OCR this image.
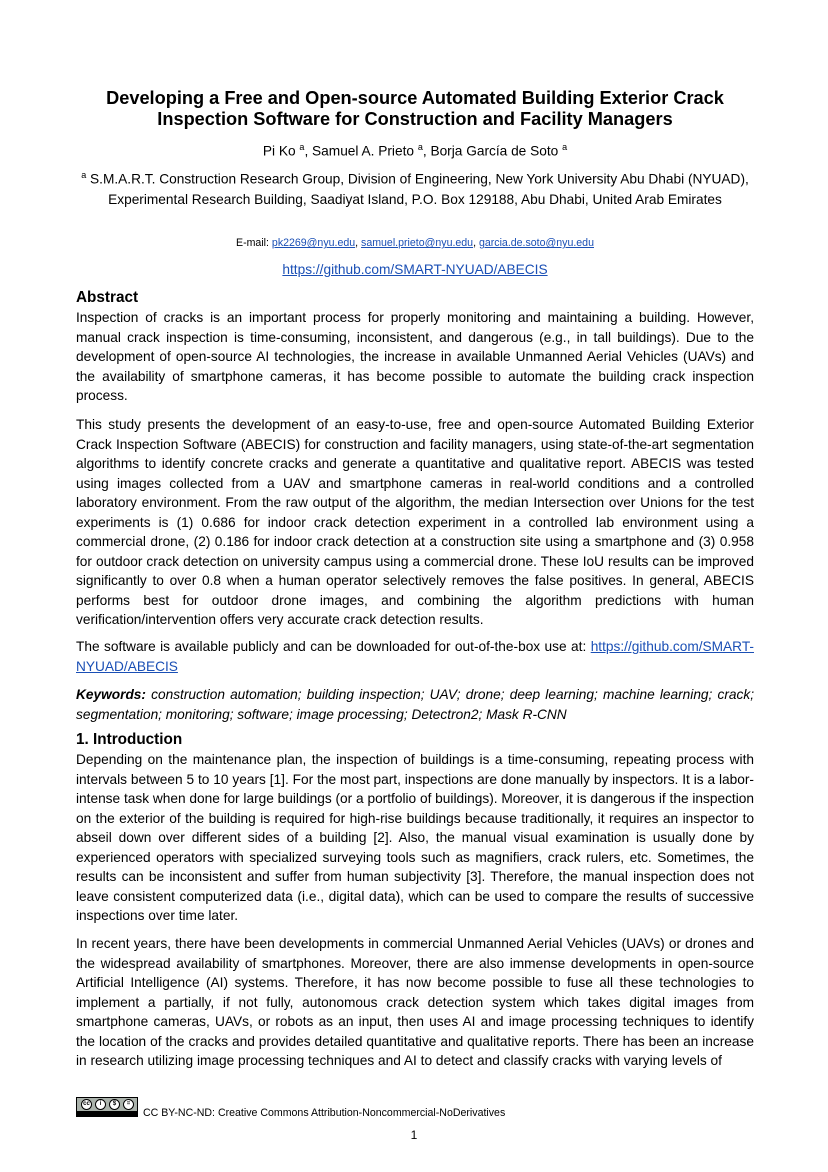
Developing a Free and Open-source Automated Building Exterior Crack Inspection Software for Construction and Facility Managers
Pi Ko $^a$, Samuel A. Prieto $^a$, Borja García de Soto $^a$
$^a$ S.M.A.R.T. Construction Research Group, Division of Engineering, New York University Abu Dhabi (NYUAD), Experimental Research Building, Saadiyat Island, P.O. Box 129188, Abu Dhabi, United Arab Emirates
E-mail: pk2269@nyu.edu, samuel.prieto@nyu.edu, garcia.de.soto@nyu.edu
https://github.com/SMART-NYUAD/ABECIS
Abstract

Inspection of cracks is an important process for properly monitoring and maintaining a building. However, manual crack inspection is time-consuming, inconsistent, and dangerous (e.g., in tall buildings). Due to the development of open-source AI technologies, the increase in available Unmanned Aerial Vehicles (UAVs) and the availability of smartphone cameras, it has become possible to automate the building crack inspection process.

This study presents the development of an easy-to-use, free and open-source Automated Building Exterior Crack Inspection Software (ABECIS) for construction and facility managers, using state-of-the-art segmentation algorithms to identify concrete cracks and generate a quantitative and qualitative report. ABECIS was tested using images collected from a UAV and smartphone cameras in real-world conditions and a controlled laboratory environment. From the raw output of the algorithm, the median Intersection over Unions for the test experiments is (1) 0.686 for indoor crack detection experiment in a controlled lab environment using a commercial drone, (2) 0.186 for indoor crack detection at a construction site using a smartphone and (3) 0.958 for outdoor crack detection on university campus using a commercial drone. These IoU results can be improved significantly to over 0.8 when a human operator selectively removes the false positives. In general, ABECIS performs best for outdoor drone images, and combining the algorithm predictions with human verification/intervention offers very accurate crack detection results.

The software is available publicly and can be downloaded for out-of-the-box use at: https://github.com/SMART-NYUAD/ABECIS

Keywords: construction automation; building inspection; UAV; drone; deep learning; machine learning; crack; segmentation; monitoring; software; image processing; Detectron2; Mask R-CNN

1. Introduction

Depending on the maintenance plan, the inspection of buildings is a time-consuming, repeating process with intervals between 5 to 10 years [1]. For the most part, inspections are done manually by inspectors. It is a labor-intense task when done for large buildings (or a portfolio of buildings). Moreover, it is dangerous if the inspection on the exterior of the building is required for high-rise buildings because traditionally, it requires an inspector to abseil down over different sides of a building [2]. Also, the manual visual examination is usually done by experienced operators with specialized surveying tools such as magnifiers, crack rulers, etc. Sometimes, the results can be inconsistent and suffer from human subjectivity [3]. Therefore, the manual inspection does not leave consistent computerized data (i.e., digital data), which can be used to compare the results of successive inspections over time later.

In recent years, there have been developments in commercial Unmanned Aerial Vehicles (UAVs) or drones and the widespread availability of smartphones. Moreover, there are also immense developments in open-source Artificial Intelligence (AI) systems. Therefore, it has now become possible to fuse all these technologies to implement a partially, if not fully, autonomous crack detection system which takes digital images from smartphone cameras, UAVs, or robots as an input, then uses AI and image processing techniques to identify the location of the cracks and provides detailed quantitative and qualitative reports. There has been an increase in research utilizing image processing techniques and AI to detect and classify cracks with varying levels of

cc	i	$	=
CC BY-NC-ND: Creative Commons Attribution-Noncommercial-NoDerivatives
1
